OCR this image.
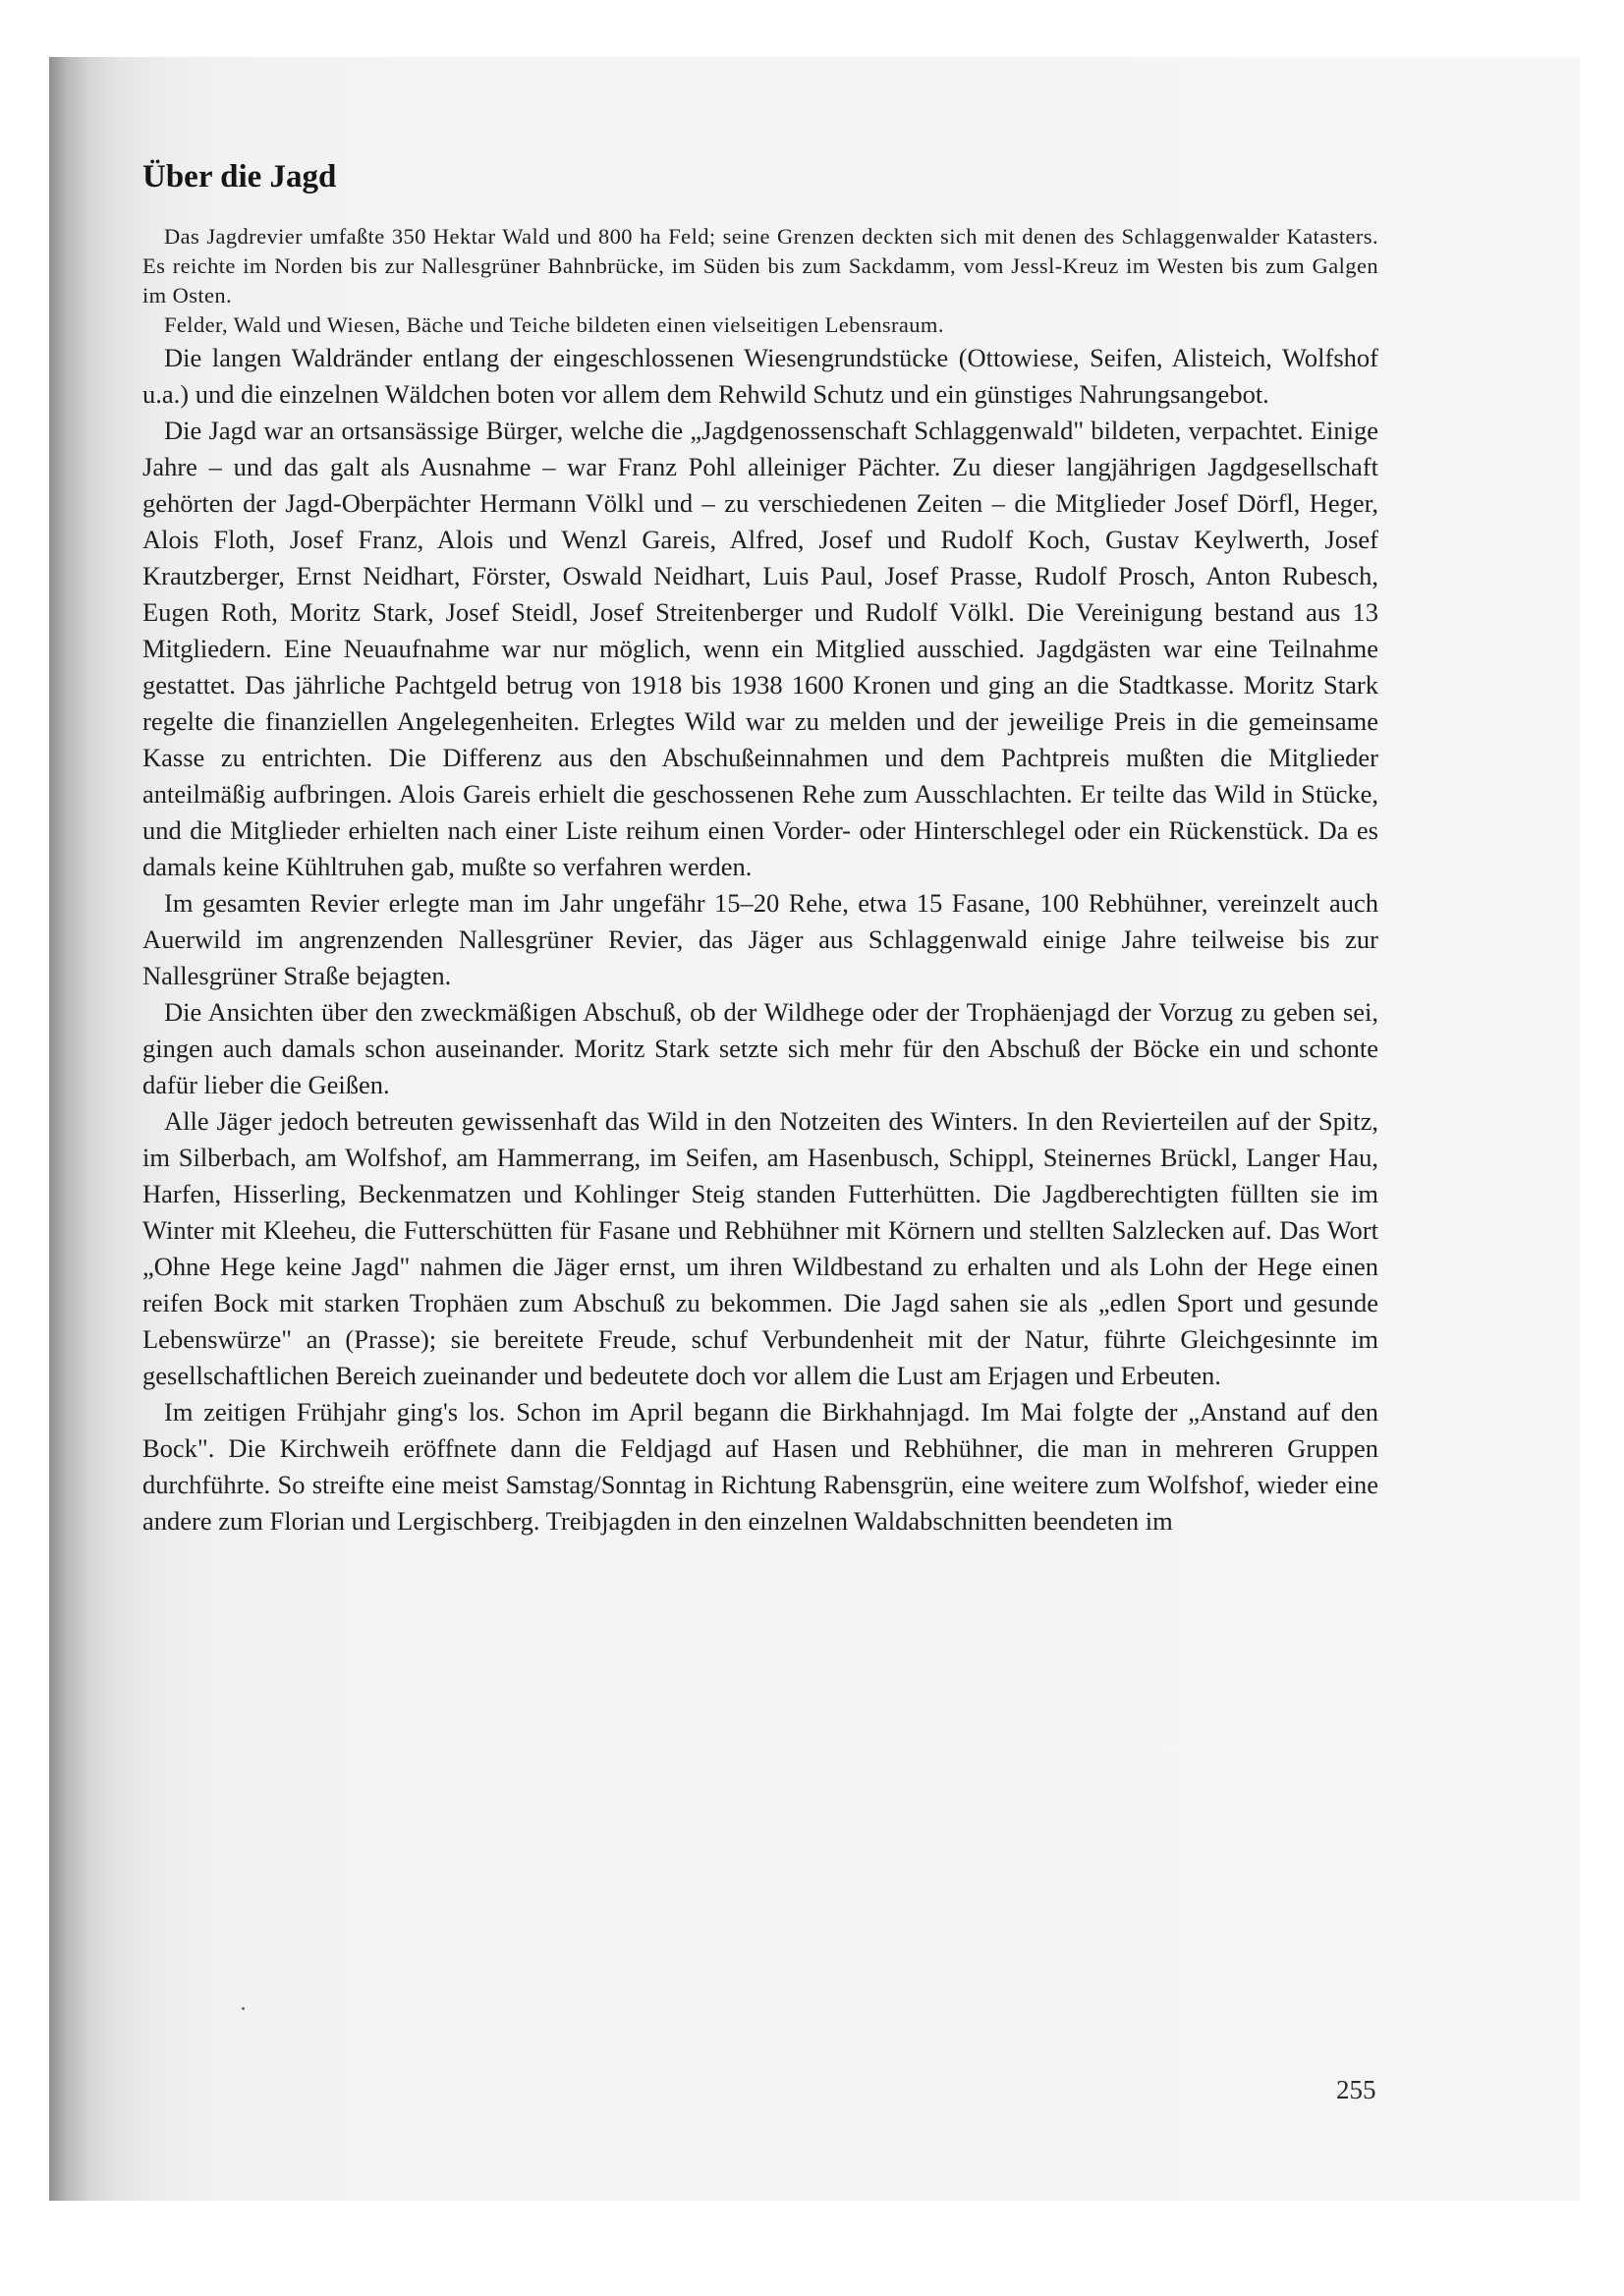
Über die Jagd

Das Jagdrevier umfaßte 350 Hektar Wald und 800 ha Feld; seine Grenzen deckten sich mit denen des Schlaggenwalder Katasters. Es reichte im Norden bis zur Nallesgrüner Bahnbrücke, im Süden bis zum Sackdamm, vom Jessl-Kreuz im Westen bis zum Galgen im Osten.

Felder, Wald und Wiesen, Bäche und Teiche bildeten einen vielseitigen Lebensraum.

Die langen Waldränder entlang der eingeschlossenen Wiesengrundstücke (Ottowiese, Seifen, Alisteich, Wolfshof u.a.) und die einzelnen Wäldchen boten vor allem dem Rehwild Schutz und ein günstiges Nahrungsangebot.

Die Jagd war an ortsansässige Bürger, welche die „Jagdgenossenschaft Schlaggenwald" bildeten, verpachtet. Einige Jahre – und das galt als Ausnahme – war Franz Pohl alleiniger Pächter. Zu dieser langjährigen Jagdgesellschaft gehörten der Jagd-Oberpächter Hermann Völkl und – zu verschiedenen Zeiten – die Mitglieder Josef Dörfl, Heger, Alois Floth, Josef Franz, Alois und Wenzl Gareis, Alfred, Josef und Rudolf Koch, Gustav Keylwerth, Josef Krautzberger, Ernst Neidhart, Förster, Oswald Neidhart, Luis Paul, Josef Prasse, Rudolf Prosch, Anton Rubesch, Eugen Roth, Moritz Stark, Josef Steidl, Josef Streitenberger und Rudolf Völkl. Die Vereinigung bestand aus 13 Mitgliedern. Eine Neuaufnahme war nur möglich, wenn ein Mitglied ausschied. Jagdgästen war eine Teilnahme gestattet. Das jährliche Pachtgeld betrug von 1918 bis 1938 1600 Kronen und ging an die Stadtkasse. Moritz Stark regelte die finanziellen Angelegenheiten. Erlegtes Wild war zu melden und der jeweilige Preis in die gemeinsame Kasse zu entrichten. Die Differenz aus den Abschußeinnahmen und dem Pachtpreis mußten die Mitglieder anteilmäßig aufbringen. Alois Gareis erhielt die geschossenen Rehe zum Ausschlachten. Er teilte das Wild in Stücke, und die Mitglieder erhielten nach einer Liste reihum einen Vorder- oder Hinterschlegel oder ein Rückenstück. Da es damals keine Kühltruhen gab, mußte so verfahren werden.

Im gesamten Revier erlegte man im Jahr ungefähr 15–20 Rehe, etwa 15 Fasane, 100 Rebhühner, vereinzelt auch Auerwild im angrenzenden Nallesgrüner Revier, das Jäger aus Schlaggenwald einige Jahre teilweise bis zur Nallesgrüner Straße bejagten.

Die Ansichten über den zweckmäßigen Abschuß, ob der Wildhege oder der Trophäenjagd der Vorzug zu geben sei, gingen auch damals schon auseinander. Moritz Stark setzte sich mehr für den Abschuß der Böcke ein und schonte dafür lieber die Geißen.

Alle Jäger jedoch betreuten gewissenhaft das Wild in den Notzeiten des Winters. In den Revierteilen auf der Spitz, im Silberbach, am Wolfshof, am Hammerrang, im Seifen, am Hasenbusch, Schippl, Steinernes Brückl, Langer Hau, Harfen, Hisserling, Beckenmatzen und Kohlinger Steig standen Futterhütten. Die Jagdberechtigten füllten sie im Winter mit Kleeheu, die Futterschütten für Fasane und Rebhühner mit Körnern und stellten Salzlecken auf. Das Wort „Ohne Hege keine Jagd" nahmen die Jäger ernst, um ihren Wildbestand zu erhalten und als Lohn der Hege einen reifen Bock mit starken Trophäen zum Abschuß zu bekommen. Die Jagd sahen sie als „edlen Sport und gesunde Lebenswürze" an (Prasse); sie bereitete Freude, schuf Verbundenheit mit der Natur, führte Gleichgesinnte im gesellschaftlichen Bereich zueinander und bedeutete doch vor allem die Lust am Erjagen und Erbeuten.

Im zeitigen Frühjahr ging's los. Schon im April begann die Birkhahnjagd. Im Mai folgte der „Anstand auf den Bock". Die Kirchweih eröffnete dann die Feldjagd auf Hasen und Rebhühner, die man in mehreren Gruppen durchführte. So streifte eine meist Samstag/Sonntag in Richtung Rabensgrün, eine weitere zum Wolfshof, wieder eine andere zum Florian und Lergischberg. Treibjagden in den einzelnen Waldabschnitten beendeten im

255
